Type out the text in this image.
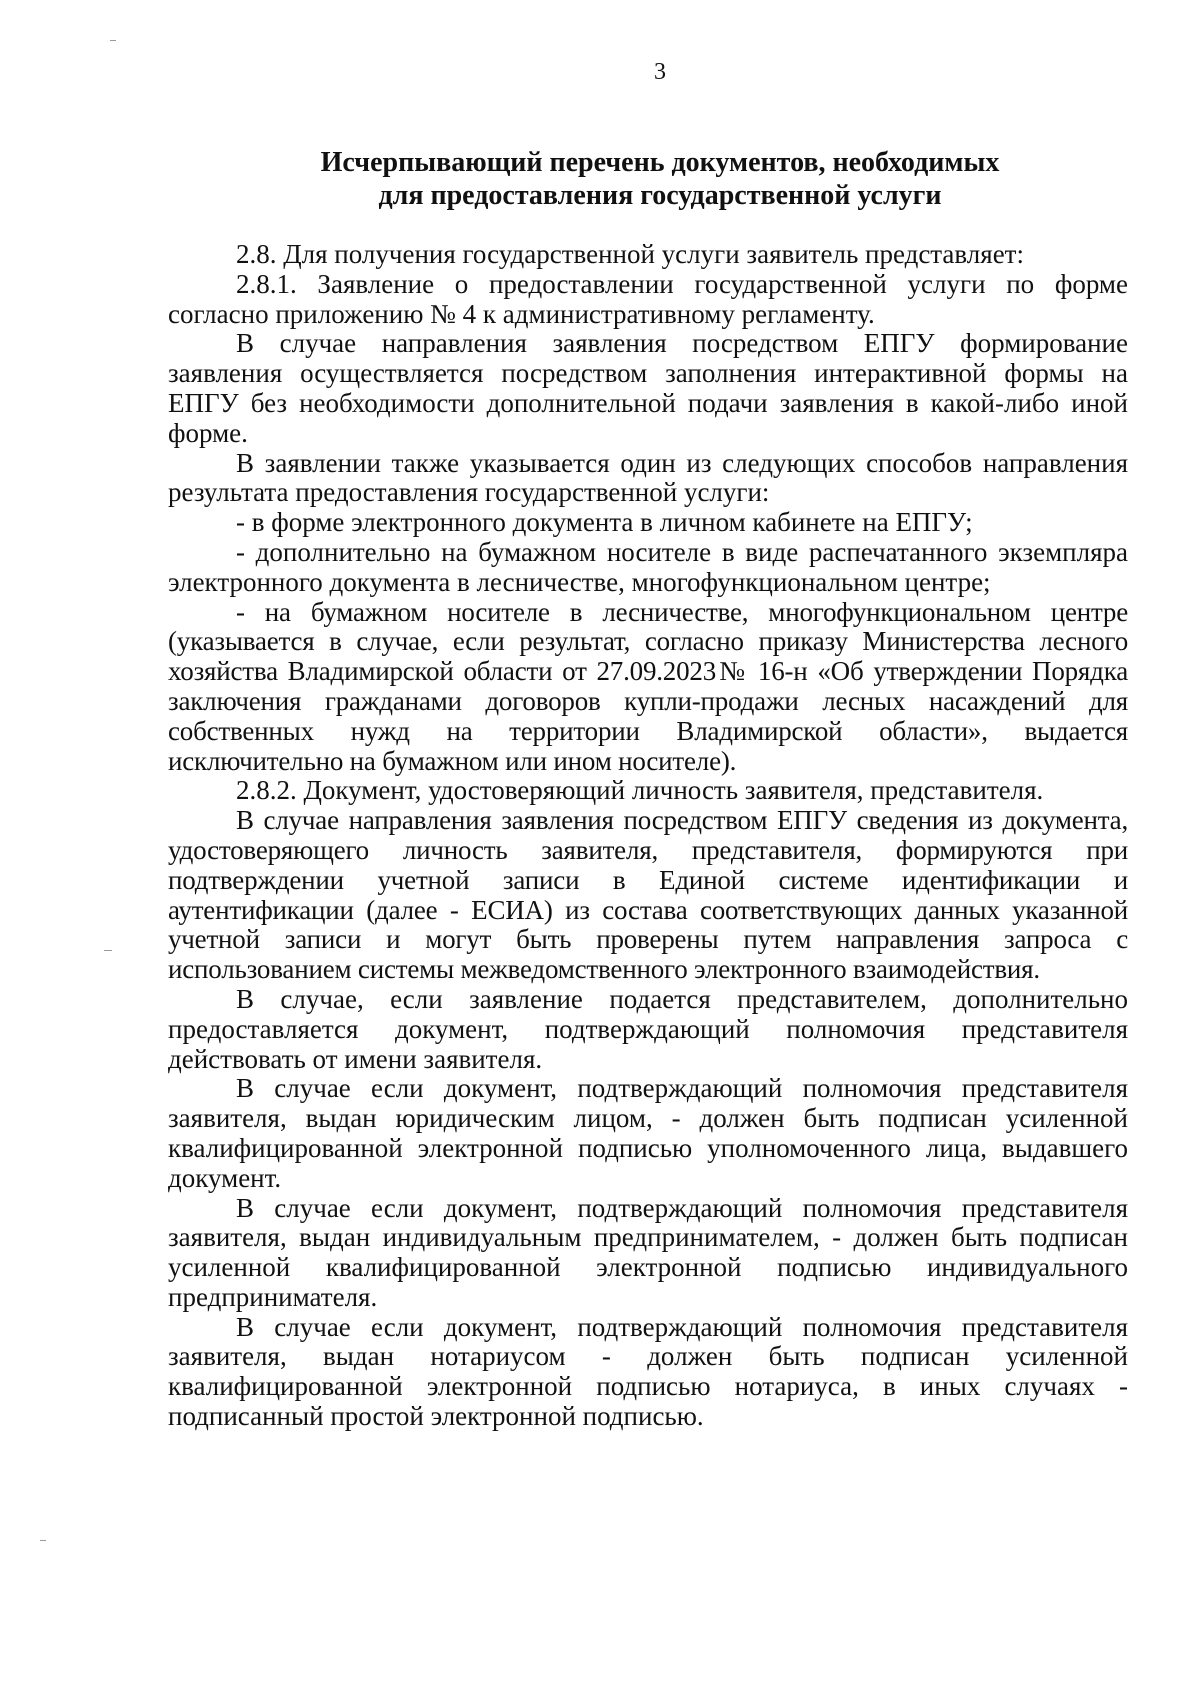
3
Исчерпывающий перечень документов, необходимых
для предоставления государственной услуги

2.8. Для получения государственной услуги заявитель представляет:

2.8.1. Заявление о предоставлении государственной услуги по форме согласно приложению № 4 к административному регламенту.

В случае направления заявления посредством ЕПГУ формирование заявления осуществляется посредством заполнения интерактивной формы на ЕПГУ без необходимости дополнительной подачи заявления в какой-либо иной форме.

В заявлении также указывается один из следующих способов направления результата предоставления государственной услуги:

- в форме электронного документа в личном кабинете на ЕПГУ;

- дополнительно на бумажном носителе в виде распечатанного экземпляра электронного документа в лесничестве, многофункциональном центре;

- на бумажном носителе в лесничестве, многофункциональном центре (указывается в случае, если результат, согласно приказу Министерства лесного хозяйства Владимирской области от 27.09.2023№ 16-н «Об утверждении Порядка заключения гражданами договоров купли-продажи лесных насаждений для собственных нужд на территории Владимирской области», выдается исключительно на бумажном или ином носителе).

2.8.2. Документ, удостоверяющий личность заявителя, представителя.

В случае направления заявления посредством ЕПГУ сведения из документа, удостоверяющего личность заявителя, представителя, формируются при подтверждении учетной записи в Единой системе идентификации и аутентификации (далее - ЕСИА) из состава соответствующих данных указанной учетной записи и могут быть проверены путем направления запроса с использованием системы межведомственного электронного взаимодействия.

В случае, если заявление подается представителем, дополнительно предоставляется документ, подтверждающий полномочия представителя действовать от имени заявителя.

В случае если документ, подтверждающий полномочия представителя заявителя, выдан юридическим лицом, - должен быть подписан усиленной квалифицированной электронной подписью уполномоченного лица, выдавшего документ.

В случае если документ, подтверждающий полномочия представителя заявителя, выдан индивидуальным предпринимателем, - должен быть подписан усиленной квалифицированной электронной подписью индивидуального предпринимателя.

В случае если документ, подтверждающий полномочия представителя заявителя, выдан нотариусом - должен быть подписан усиленной квалифицированной электронной подписью нотариуса, в иных случаях - подписанный простой электронной подписью.
